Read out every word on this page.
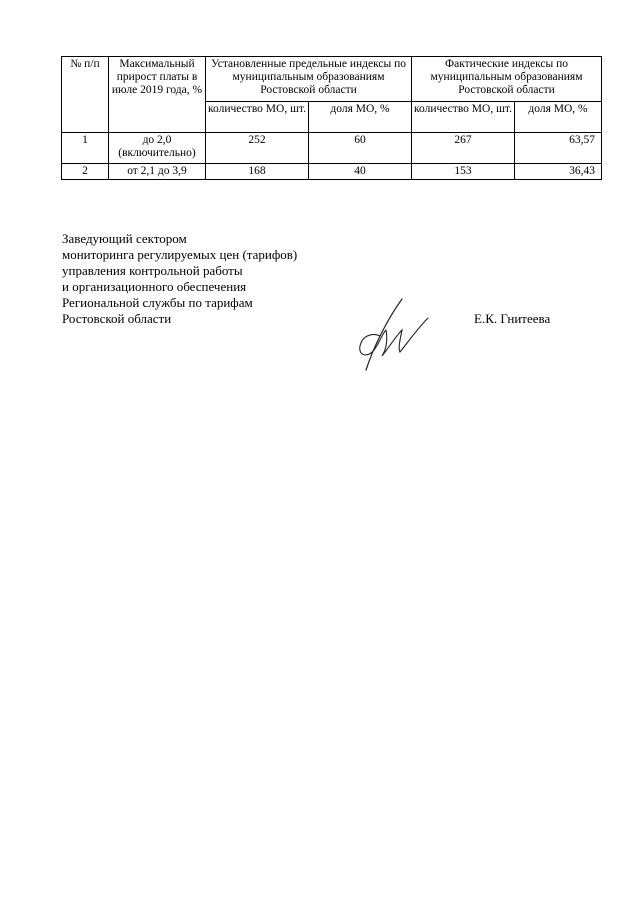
№ п/п	Максимальный прирост платы в июле 2019 года, %	Установленные предельные индексы по муниципальным образованиям Ростовской области		Фактические индексы по муниципальным образованиям Ростовской области	
		количество МО, шт.	доля МО, %	количество МО, шт.	доля МО, %
1	до 2,0 (включительно)	252	60	267	63,57
2	от 2,1 до 3,9	168	40	153	36,43
Заведующий сектором
мониторинга регулируемых цен (тарифов)
управления контрольной работы
и организационного обеспечения
Региональной службы по тарифам
Ростовской области	Е.К. Гнитеева
